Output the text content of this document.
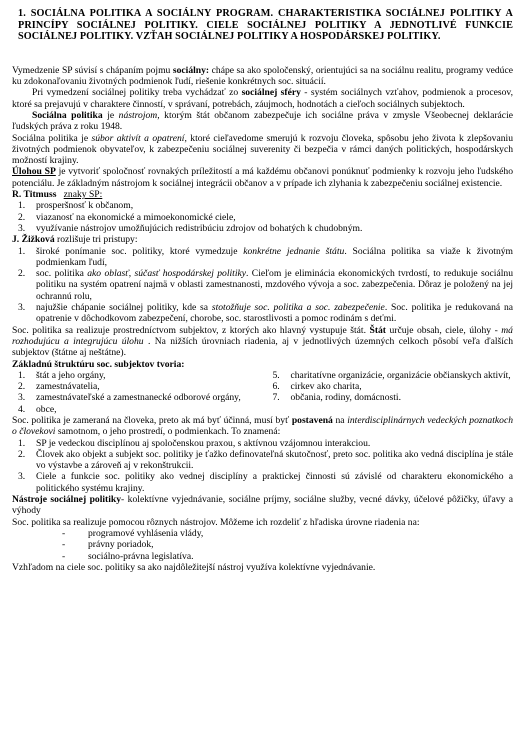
1. SOCIÁLNA POLITIKA A SOCIÁLNY PROGRAM. CHARAKTERISTIKA SOCIÁLNEJ POLITIKY A PRINCÍPY SOCIÁLNEJ POLITIKY. CIELE SOCIÁLNEJ POLITIKY A JEDNOTLIVÉ FUNKCIE SOCIÁLNEJ POLITIKY. VZŤAH SOCIÁLNEJ POLITIKY A HOSPODÁRSKEJ POLITIKY.

Vymedzenie SP súvisí s chápaním pojmu sociálny: chápe sa ako spoločenský, orientujúci sa na sociálnu realitu, programy vedúce ku zdokonaľovaniu životných podmienok ľudí, riešenie konkrétnych soc. situácií.

Pri vymedzení sociálnej politiky treba vychádzať zo sociálnej sféry - systém sociálnych vzťahov, podmienok a procesov, ktoré sa prejavujú v charaktere činností, v správaní, potrebách, záujmoch, hodnotách a cieľoch sociálnych subjektoch.

Sociálna politika je nástrojom, ktorým štát občanom zabezpečuje ich sociálne práva v zmysle Všeobecnej deklarácie ľudských práva z roku 1948.

Sociálna politika je súbor aktivít a opatrení, ktoré cieľavedome smerujú k rozvoju človeka, spôsobu jeho života k zlepšovaniu životných podmienok obyvateľov, k zabezpečeniu sociálnej suverenity či bezpečia v rámci daných politických, hospodárskych možností krajiny.

Úlohou SP je vytvoriť spoločnosť rovnakých príležitostí a má každému občanovi ponúknuť podmienky k rozvoju jeho ľudského potenciálu. Je základným nástrojom k sociálnej integrácii občanov a v prípade ich zlyhania k zabezpečeniu sociálnej existencie.

R. Titmuss znaky SP:

1. prosperšnosť k občanom,
2. viazanosť na ekonomické a mimoekonomické ciele,
3. využívanie nástrojov umožňujúcich redistribúciu zdrojov od bohatých k chudobným.

J. Žižková rozlišuje tri pristupy:

1. široké ponímanie soc. politiky, ktoré vymedzuje konkrétne jednanie štátu. Sociálna politika sa viaže k životným podmienkam ľudí,
2. soc. politika ako oblasť, súčasť hospodárskej politiky. Cieľom je eliminácia ekonomických tvrdostí, to redukuje sociálnu politiku na systém opatrení najmä v oblasti zamestnanosti, mzdového vývoja a soc. zabezpečenia. Dôraz je položený na jej ochrannú rolu,
3. najužšie chápanie sociálnej politiky, kde sa stotožňuje soc. politika a soc. zabezpečenie. Soc. politika je redukovaná na opatrenie v dôchodkovom zabezpečení, chorobe, soc. starostlivosti a pomoc rodinám s deťmi.

Soc. politika sa realizuje prostredníctvom subjektov, z ktorých ako hlavný vystupuje štát. Štát určuje obsah, ciele, úlohy - má rozhodujúcu a integrujúcu úlohu . Na nižších úrovniach riadenia, aj v jednotlivých územných celkoch pôsobí veľa ďalších subjektov (štátne aj neštátne).

Základnú štruktúru soc. subjektov tvoria:

1. štát a jeho orgány,
2. zamestnávatelia,
3. zamestnávateľské a zamestnanecké odborové orgány,
4. obce,
5. charitatívne organizácie, organizácie občianskych aktivít,
6. cirkev ako charita,
7. občania, rodiny, domácnosti.

Soc. politika je zameraná na človeka, preto ak má byť účinná, musí byť postavená na interdisciplinárnych vedeckých poznatkoch o človekovi samotnom, o jeho prostredí, o podmienkach. To znamená:

1. SP je vedeckou disciplínou aj spoločenskou praxou, s aktívnou vzájomnou interakciou.
2. Človek ako objekt a subjekt soc. politiky je ťažko definovateľná skutočnosť, preto soc. politika ako vedná disciplína je stále vo výstavbe a zároveň aj v rekonštrukcii.
3. Ciele a funkcie soc. politiky ako vednej disciplíny a praktickej činnosti sú závislé od charakteru ekonomického a politického systému krajiny.

Nástroje sociálnej politiky- kolektívne vyjednávanie, sociálne príjmy, sociálne služby, vecné dávky, účelové pôžičky, úľavy a výhody

Soc. politika sa realizuje pomocou rôznych nástrojov. Môžeme ich rozdeliť z hľadiska úrovne riadenia na:

- programové vyhlásenia vlády,
- právny poriadok,
- sociálno-právna legislatíva.

Vzhľadom na ciele soc. politiky sa ako najdôležitejší nástroj využíva kolektívne vyjednávanie.
